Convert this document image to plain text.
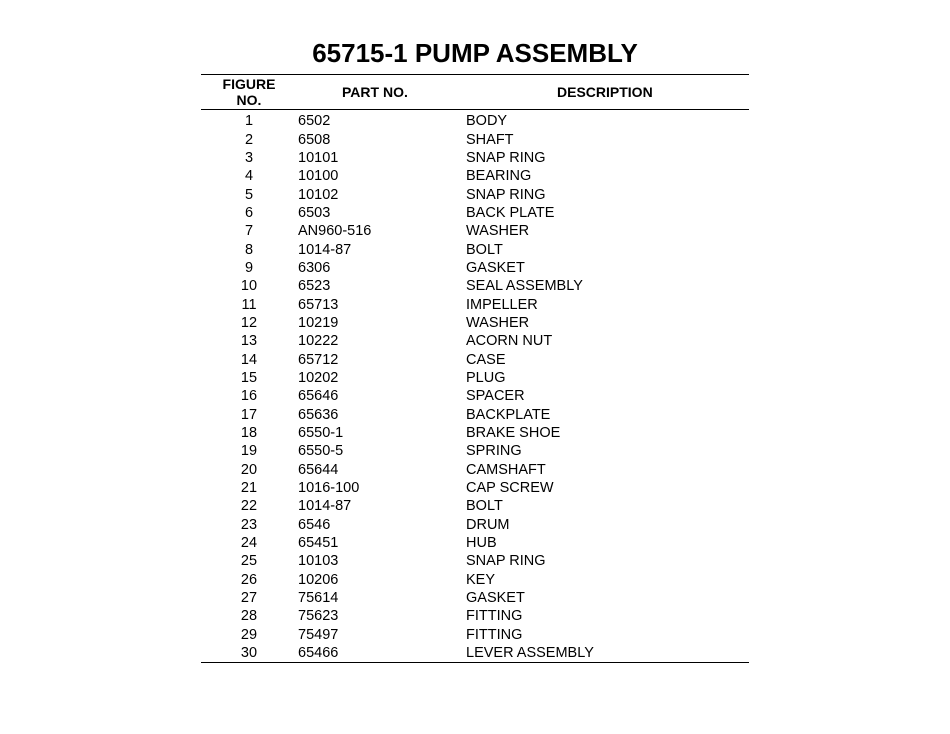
65715-1 PUMP ASSEMBLY
FIGURE
NO.	PART NO.	DESCRIPTION
1	6502	BODY
2	6508	SHAFT
3	10101	SNAP RING
4	10100	BEARING
5	10102	SNAP RING
6	6503	BACK PLATE
7	AN960-516	WASHER
8	1014-87	BOLT
9	6306	GASKET
10	6523	SEAL ASSEMBLY
11	65713	IMPELLER
12	10219	WASHER
13	10222	ACORN NUT
14	65712	CASE
15	10202	PLUG
16	65646	SPACER
17	65636	BACKPLATE
18	6550-1	BRAKE SHOE
19	6550-5	SPRING
20	65644	CAMSHAFT
21	1016-100	CAP SCREW
22	1014-87	BOLT
23	6546	DRUM
24	65451	HUB
25	10103	SNAP RING
26	10206	KEY
27	75614	GASKET
28	75623	FITTING
29	75497	FITTING
30	65466	LEVER ASSEMBLY
